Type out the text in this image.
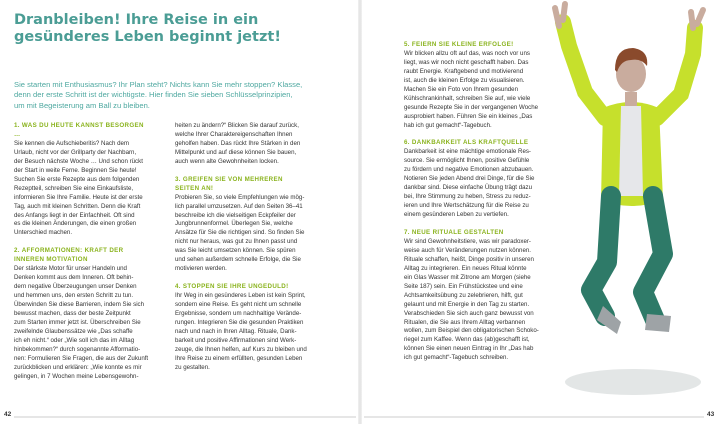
Dranbleiben! Ihre Reise in ein
gesünderes Leben beginnt jetzt!
Sie starten mit Enthusiasmus? Ihr Plan steht? Nichts kann Sie mehr stoppen? Klasse,
denn der erste Schritt ist der wichtigste. Hier finden Sie sieben Schlüsselprinzipien,
um mit Begeisterung am Ball zu bleiben.
1. WAS DU HEUTE KANNST BESORGEN …
Sie kennen die Aufschieberitis? Nach dem
Urlaub, nicht vor der Grillparty der Nachbarn,
der Besuch nächste Woche … Und schon rückt
der Start in weite Ferne. Beginnen Sie heute!
Suchen Sie erste Rezepte aus dem folgenden
Rezeptteil, schreiben Sie eine Einkaufsliste,
informieren Sie Ihre Familie. Heute ist der erste
Tag, auch mit kleinen Schritten. Denn die Kraft
des Anfangs liegt in der Einfachheit. Oft sind
es die kleinen Änderungen, die einen großen
Unterschied machen.
2. AFFORMATIONEN: KRAFT DER
INNEREN MOTIVATION
Der stärkste Motor für unser Handeln und
Denken kommt aus dem Inneren. Oft behin-
dern negative Überzeugungen unser Denken
und hemmen uns, den ersten Schritt zu tun.
Überwinden Sie diese Barrieren, indem Sie sich
bewusst machen, dass der beste Zeitpunkt
zum Starten immer jetzt ist. Überschreiben Sie
zweifelnde Glaubenssätze wie „Das schaffe
ich eh nicht.“ oder „Wie soll ich das im Alltag
hinbekommen?“ durch sogenannte Afformatio-
nen: Formulieren Sie Fragen, die aus der Zukunft
zurückblicken und erklären: „Wie konnte es mir
gelingen, in 7 Wochen meine Lebensgewohn-
heiten zu ändern?“ Blicken Sie darauf zurück,
welche Ihrer Charaktereigenschaften Ihnen
geholfen haben. Das rückt Ihre Stärken in den
Mittelpunkt und auf diese können Sie bauen,
auch wenn alte Gewohnheiten locken.
3. GREIFEN SIE VON MEHREREN
SEITEN AN!
Probieren Sie, so viele Empfehlungen wie mög-
lich parallel umzusetzen. Auf den Seiten 36–41
beschreibe ich die vielseitigen Eckpfeiler der
Jungbrunnenformel. Überlegen Sie, welche
Ansätze für Sie die richtigen sind. So finden Sie
nicht nur heraus, was gut zu Ihnen passt und
was Sie leicht umsetzen können. Sie spüren
und sehen außerdem schnelle Erfolge, die Sie
motivieren werden.
4. STOPPEN SIE IHRE UNGEDULD!
Ihr Weg in ein gesünderes Leben ist kein Sprint,
sondern eine Reise. Es geht nicht um schnelle
Ergebnisse, sondern um nachhaltige Verände-
rungen. Integrieren Sie die gesunden Praktiken
nach und nach in Ihren Alltag. Rituale, Dank-
barkeit und positive Affirmationen sind Werk-
zeuge, die Ihnen helfen, auf Kurs zu bleiben und
Ihre Reise zu einem erfüllten, gesunden Leben
zu gestalten.
5. FEIERN SIE KLEINE ERFOLGE!
Wir blicken allzu oft auf das, was noch vor uns
liegt, was wir noch nicht geschafft haben. Das
raubt Energie. Kraftgebend und motivierend
ist, auch die kleinen Erfolge zu visualisieren.
Machen Sie ein Foto von Ihrem gesunden
Kühlschrankinhalt, schreiben Sie auf, wie viele
gesunde Rezepte Sie in der vergangenen Woche
ausprobiert haben. Führen Sie ein kleines „Das
hab ich gut gemacht“-Tagebuch.
6. DANKBARKEIT ALS KRAFTQUELLE
Dankbarkeit ist eine mächtige emotionale Res-
source. Sie ermöglicht Ihnen, positive Gefühle
zu fördern und negative Emotionen abzubauen.
Notieren Sie jeden Abend drei Dinge, für die Sie
dankbar sind. Diese einfache Übung trägt dazu
bei, Ihre Stimmung zu heben, Stress zu reduz-
ieren und Ihre Wertschätzung für die Reise zu
einem gesünderen Leben zu vertiefen.
7. NEUE RITUALE GESTALTEN
Wir sind Gewohnheitstiere, was wir paradoxer-
weise auch für Veränderungen nutzen können.
Rituale schaffen, heißt, Dinge positiv in unseren
Alltag zu integrieren. Ein neues Ritual könnte
ein Glas Wasser mit Zitrone am Morgen (siehe
Seite 187) sein. Ein Frühstückstee und eine
Achtsamkeitsübung zu zelebrieren, hilft, gut
gelaunt und mit Energie in den Tag zu starten.
Verabschieden Sie sich auch ganz bewusst von
Ritualen, die Sie aus Ihrem Alltag verbannen
wollen, zum Beispiel den obligatorischen Schoko-
riegel zum Kaffee. Wenn das (ab)geschafft ist,
können Sie einen neuen Eintrag in Ihr „Das hab
ich gut gemacht“-Tagebuch schreiben.
42	43
